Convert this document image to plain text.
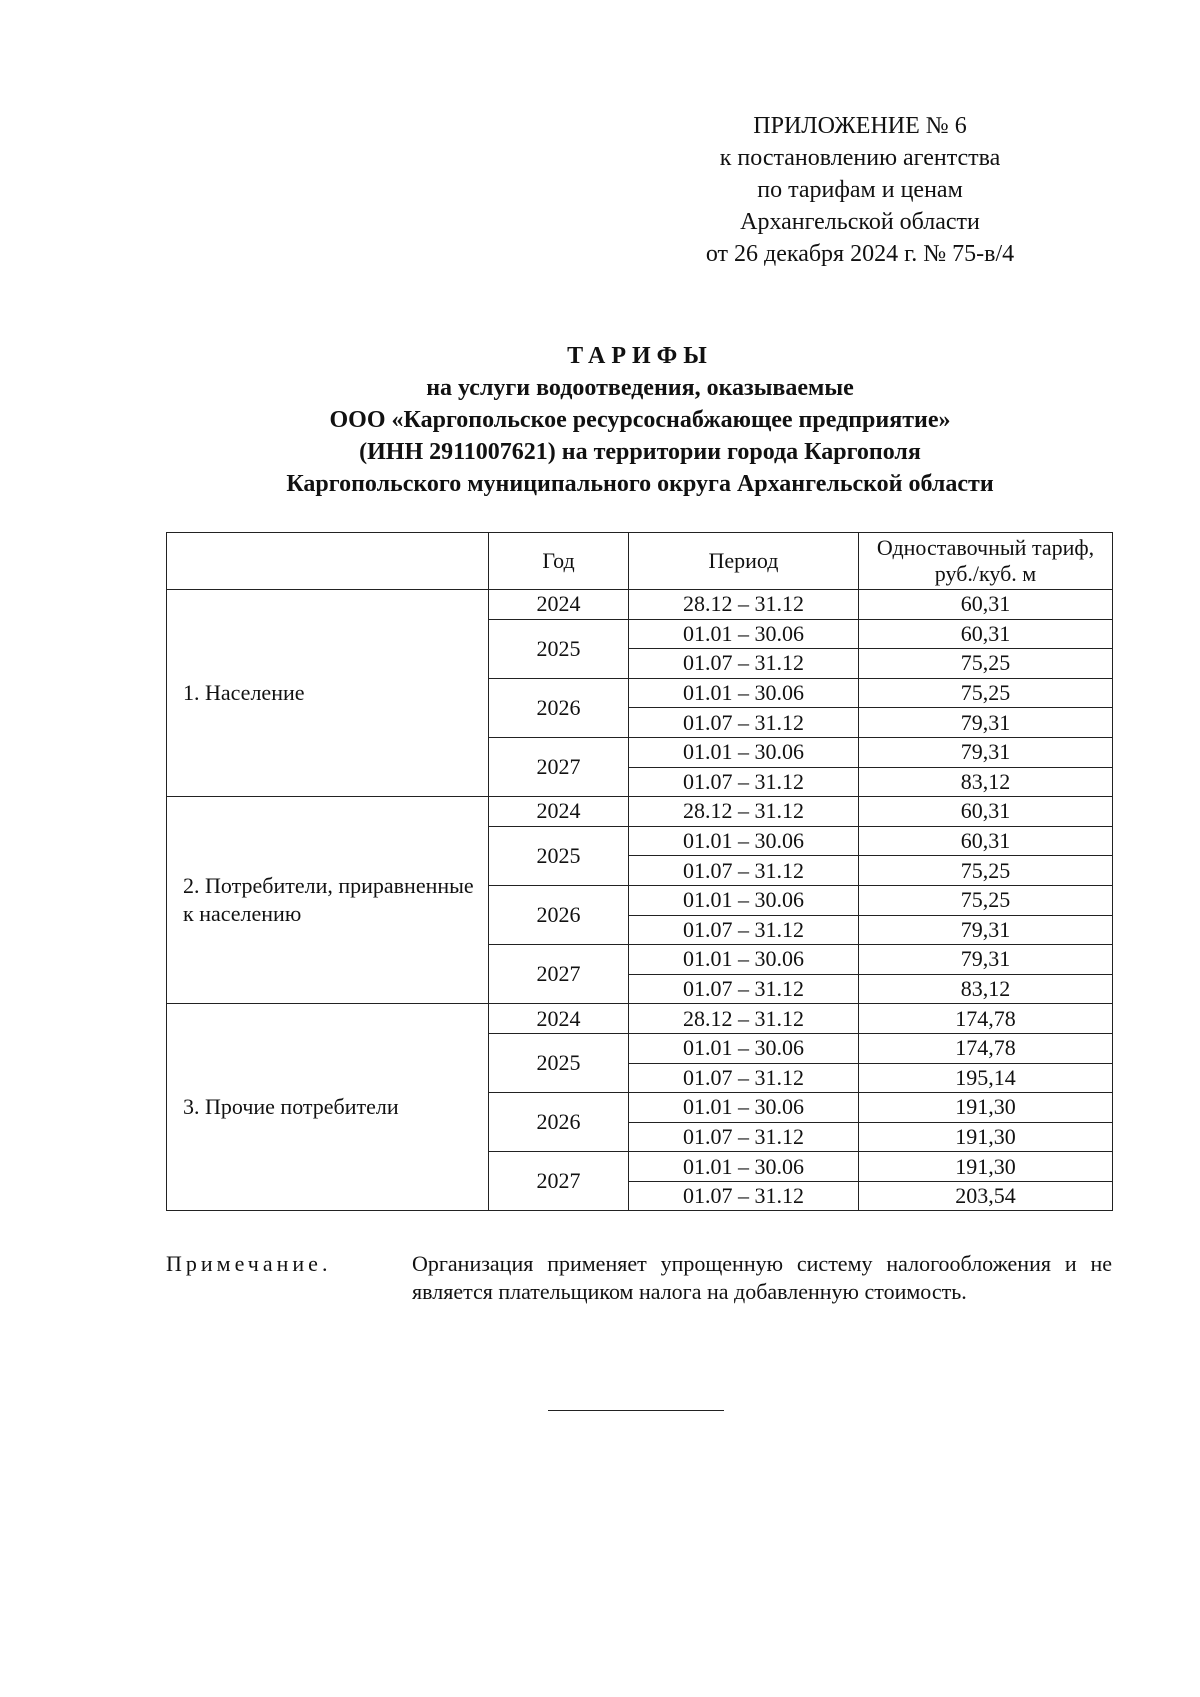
ПРИЛОЖЕНИЕ № 6
к постановлению агентства
по тарифам и ценам
Архангельской области
от 26 декабря 2024 г. № 75-в/4
ТАРИФЫ
на услуги водоотведения, оказываемые
ООО «Каргопольское ресурсоснабжающее предприятие»
(ИНН 2911007621) на территории города Каргополя
Каргопольского муниципального округа Архангельской области
	Год	Период	Одноставочный тариф, руб./куб. м
1. Население	2024	28.12 – 31.12	60,31
	2025	01.01 – 30.06	60,31
		01.07 – 31.12	75,25
	2026	01.01 – 30.06	75,25
		01.07 – 31.12	79,31
	2027	01.01 – 30.06	79,31
		01.07 – 31.12	83,12
2. Потребители, приравненные к населению	2024	28.12 – 31.12	60,31
	2025	01.01 – 30.06	60,31
		01.07 – 31.12	75,25
	2026	01.01 – 30.06	75,25
		01.07 – 31.12	79,31
	2027	01.01 – 30.06	79,31
		01.07 – 31.12	83,12
3. Прочие потребители	2024	28.12 – 31.12	174,78
	2025	01.01 – 30.06	174,78
		01.07 – 31.12	195,14
	2026	01.01 – 30.06	191,30
		01.07 – 31.12	191,30
	2027	01.01 – 30.06	191,30
		01.07 – 31.12	203,54
Примечание.	Организация применяет упрощенную систему налогообложения и не является плательщиком налога на добавленную стоимость.
